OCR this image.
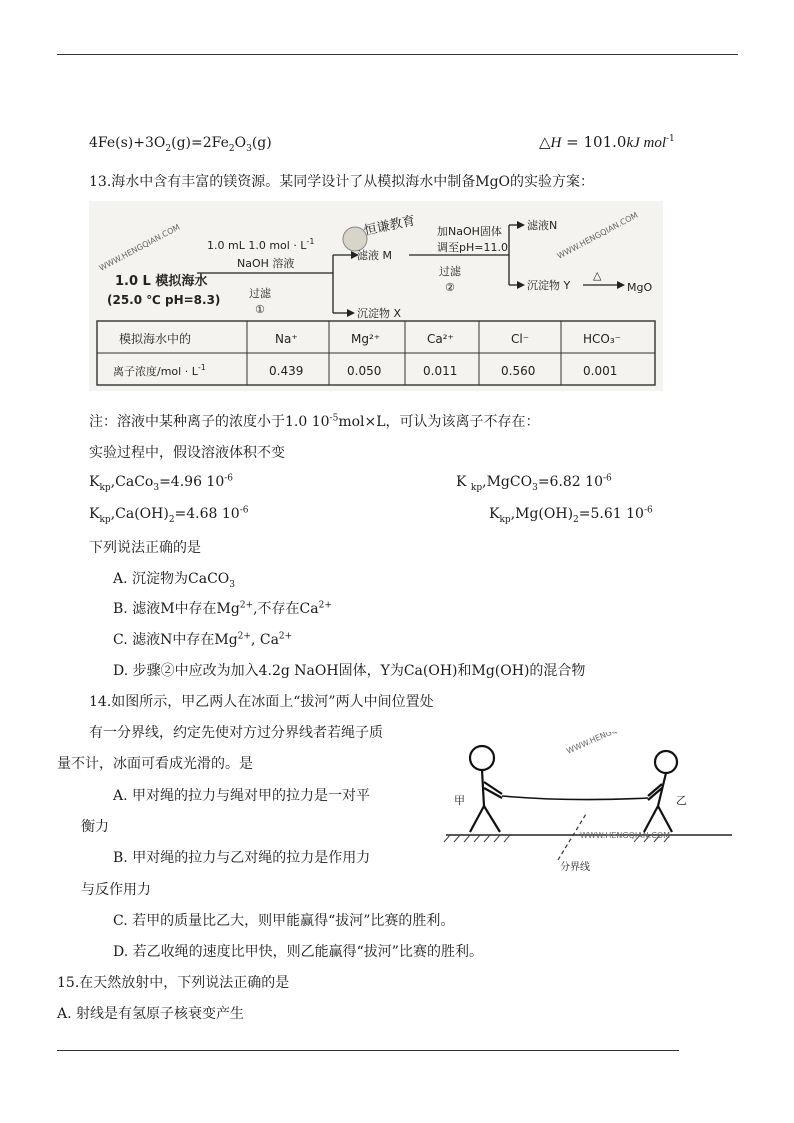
$4Fe(s)+3O_2(g)=2Fe_2O_3(g)$	△H = 101.0kJ mol$^{-1}$
13.海水中含有丰富的镁资源。某同学设计了从模拟海水中制备MgO的实验方案：
WWW.HENGQIAN.COM	WWW.HENGQIAN.COM
恒谦教育
1.0 L 模拟海水
(25.0 ℃ pH=8.3)
1.0 mL 1.0 mol · $L^{-1}$
NaOH 溶液
过滤
①
滤液 M
沉淀物 X
加NaOH固体
调至pH=11.0
过滤
②
滤液N
沉淀物 Y
△
MgO
模拟海水中的
离子浓度$/mol \cdot L^{-1}$
Na⁺	Mg²⁺	Ca²⁺	Cl⁻	HCO₃⁻
0.439	0.050	0.011	0.560	0.001
注：溶液中某种离子的浓度小于1.0 $10^{-5}mol\times L$，可认为该离子不存在：
实验过程中，假设溶液体积不变
$K_{kp},CaCo_3=4.96$ $10^{-6}$	K $_{kp}$,MgCO$_3$=6.82 $10^{-6}$
$K_{kp},Ca(OH)_2=4.68$ $10^{-6}$	$K_{kp},Mg(OH)_2=5.61$ $10^{-6}$
下列说法正确的是
A. 沉淀物为CaCO$_3$
B. 滤液M中存在$Mg^{2+}$,不存在$Ca^{2+}$
C. 滤液N中存在$Mg^{2+}$, $Ca^{2+}$
D. 步骤②中应改为加入4.2g NaOH固体，Y为Ca(OH)和Mg(OH)的混合物
14.如图所示，甲乙两人在冰面上“拔河”两人中间位置处
有一分界线，约定先使对方过分界线者若绳子质
量不计，冰面可看成光滑的。是
A. 甲对绳的拉力与绳对甲的拉力是一对平
衡力
B. 甲对绳的拉力与乙对绳的拉力是作用力
与反作用力
C. 若甲的质量比乙大，则甲能赢得“拔河”比赛的胜利。
D. 若乙收绳的速度比甲快，则乙能赢得“拔河”比赛的胜利。
WWW.HENGQIAN.COM
WWW.HENGQIAN.COM
甲	乙
分界线
15.在天然放射中，下列说法正确的是
A. 射线是有氢原子核衰变产生
